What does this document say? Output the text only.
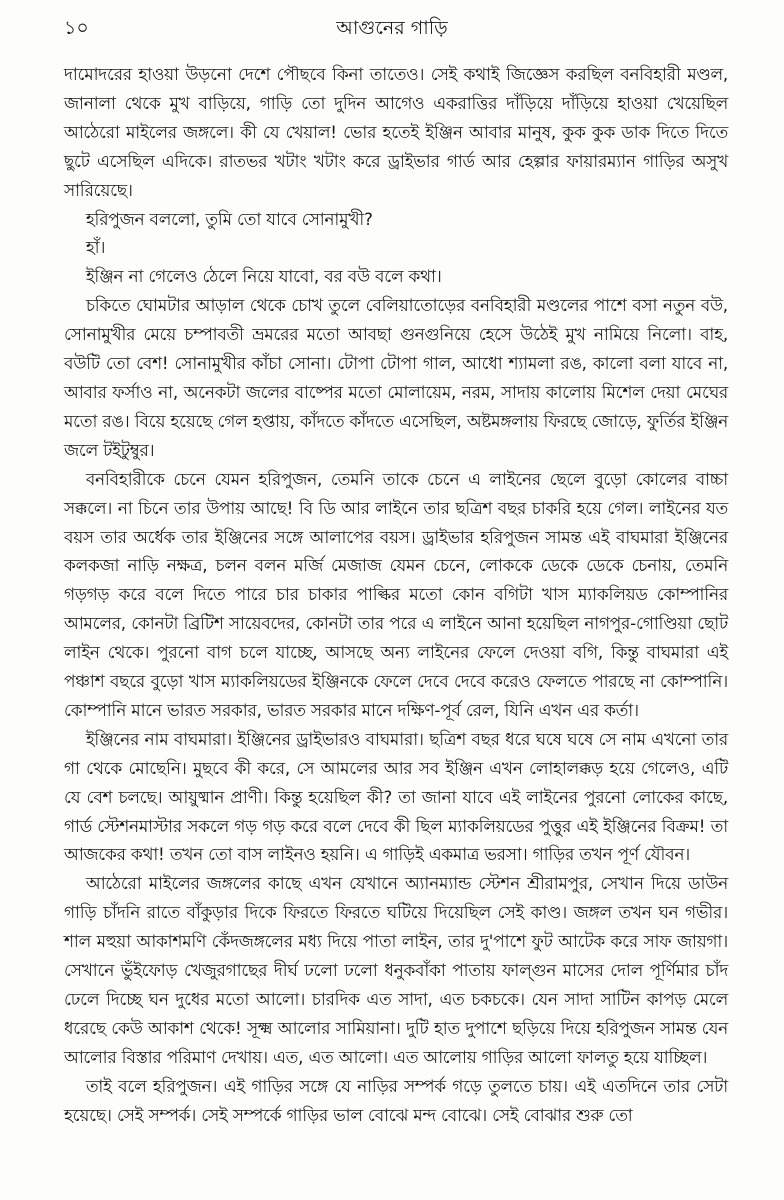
১০	আগুনের গাড়ি

দামোদরের হাওয়া উড়নো দেশে পৌছবে কিনা তাতেও। সেই কথাই জিজ্ঞেস করছিল বনবিহারী মণ্ডল, জানালা থেকে মুখ বাড়িয়ে, গাড়ি তো দুদিন আগেও একরাত্তির দাঁড়িয়ে দাঁড়িয়ে হাওয়া খেয়েছিল আঠেরো মাইলের জঙ্গলে। কী যে খেয়াল! ভোর হতেই ইঞ্জিন আবার মানুষ, কুক কুক ডাক দিতে দিতে ছুটে এসেছিল এদিকে। রাতভর খটাং খটাং করে ড্রাইভার গার্ড আর হেল্পার ফায়ারম্যান গাড়ির অসুখ সারিয়েছে।

হরিপুজন বললো, তুমি তো যাবে সোনামুখী?

হাঁ।

ইঞ্জিন না গেলেও ঠেলে নিয়ে যাবো, বর বউ বলে কথা।

চকিতে ঘোমটার আড়াল থেকে চোখ তুলে বেলিয়াতোড়ের বনবিহারী মণ্ডলের পাশে বসা নতুন বউ, সোনামুখীর মেয়ে চম্পাবতী ভ্রমরের মতো আবছা গুনগুনিয়ে হেসে উঠেই মুখ নামিয়ে নিলো। বাহ, বউটি তো বেশ! সোনামুখীর কাঁচা সোনা। টোপা টোপা গাল, আধো শ্যামলা রঙ, কালো বলা যাবে না, আবার ফর্সাও না, অনেকটা জলের বাষ্পের মতো মোলায়েম, নরম, সাদায় কালোয় মিশেল দেয়া মেঘের মতো রঙ। বিয়ে হয়েছে গেল হপ্তায়, কাঁদতে কাঁদতে এসেছিল, অষ্টমঙ্গলায় ফিরছে জোড়ে, ফুর্তির ইঞ্জিন জলে টইটুম্বুর।

বনবিহারীকে চেনে যেমন হরিপুজন, তেমনি তাকে চেনে এ লাইনের ছেলে বুড়ো কোলের বাচ্চা সক্কলে। না চিনে তার উপায় আছে! বি ডি আর লাইনে তার ছত্রিশ বছর চাকরি হয়ে গেল। লাইনের যত বয়স তার অর্ধেক তার ইঞ্জিনের সঙ্গে আলাপের বয়স। ড্রাইভার হরিপুজন সামন্ত এই বাঘমারা ইঞ্জিনের কলকজা নাড়ি নক্ষত্র, চলন বলন মর্জি মেজাজ যেমন চেনে, লোককে ডেকে ডেকে চেনায়, তেমনি গড়গড় করে বলে দিতে পারে চার চাকার পাল্কির মতো কোন বগিটা খাস ম্যাকলিয়ড কোম্পানির আমলের, কোনটা ব্রিটিশ সায়েবদের, কোনটা তার পরে এ লাইনে আনা হয়েছিল নাগপুর-গোণ্ডিয়া ছোট লাইন থেকে। পুরনো বাগ চলে যাচ্ছে, আসছে অন্য লাইনের ফেলে দেওয়া বগি, কিন্তু বাঘমারা এই পঞ্চাশ বছরে বুড়ো খাস ম্যাকলিয়ডের ইঞ্জিনকে ফেলে দেবে দেবে করেও ফেলতে পারছে না কোম্পানি। কোম্পানি মানে ভারত সরকার, ভারত সরকার মানে দক্ষিণ-পূর্ব রেল, যিনি এখন এর কর্তা।

ইঞ্জিনের নাম বাঘমারা। ইঞ্জিনের ড্রাইভারও বাঘমারা। ছত্রিশ বছর ধরে ঘষে ঘষে সে নাম এখনো তার গা থেকে মোছেনি। মুছবে কী করে, সে আমলের আর সব ইঞ্জিন এখন লোহালক্কড় হয়ে গেলেও, এটি যে বেশ চলছে। আয়ুষ্মান প্রাণী। কিন্তু হয়েছিল কী? তা জানা যাবে এই লাইনের পুরনো লোকের কাছে, গার্ড স্টেশনমাস্টার সকলে গড় গড় করে বলে দেবে কী ছিল ম্যাকলিয়ডের পুত্তুর এই ইঞ্জিনের বিক্রম! তা আজকের কথা! তখন তো বাস লাইনও হয়নি। এ গাড়িই একমাত্র ভরসা। গাড়ির তখন পূর্ণ যৌবন।

আঠেরো মাইলের জঙ্গলের কাছে এখন যেখানে অ্যানম্যান্ড স্টেশন শ্রীরামপুর, সেখান দিয়ে ডাউন গাড়ি চাঁদনি রাতে বাঁকুড়ার দিকে ফিরতে ফিরতে ঘটিয়ে দিয়েছিল সেই কাণ্ড। জঙ্গল তখন ঘন গভীর। শাল মহুয়া আকাশমণি কেঁদজঙ্গলের মধ্য দিয়ে পাতা লাইন, তার দু'পাশে ফুট আটেক করে সাফ জায়গা। সেখানে ভুঁইফোড় খেজুরগাছের দীর্ঘ ঢলো ঢলো ধনুকবাঁকা পাতায় ফাল্গুন মাসের দোল পূর্ণিমার চাঁদ ঢেলে দিচ্ছে ঘন দুধের মতো আলো। চারদিক এত সাদা, এত চকচকে। যেন সাদা সাটিন কাপড় মেলে ধরেছে কেউ আকাশ থেকে! সূক্ষ্ম আলোর সামিয়ানা। দুটি হাত দুপাশে ছড়িয়ে দিয়ে হরিপুজন সামন্ত যেন আলোর বিস্তার পরিমাণ দেখায়। এত, এত আলো। এত আলোয় গাড়ির আলো ফালতু হয়ে যাচ্ছিল।

তাই বলে হরিপুজন। এই গাড়ির সঙ্গে যে নাড়ির সম্পর্ক গড়ে তুলতে চায়। এই এতদিনে তার সেটা হয়েছে। সেই সম্পর্ক। সেই সম্পর্কে গাড়ির ভাল বোঝে মন্দ বোঝে। সেই বোঝার শুরু তো
